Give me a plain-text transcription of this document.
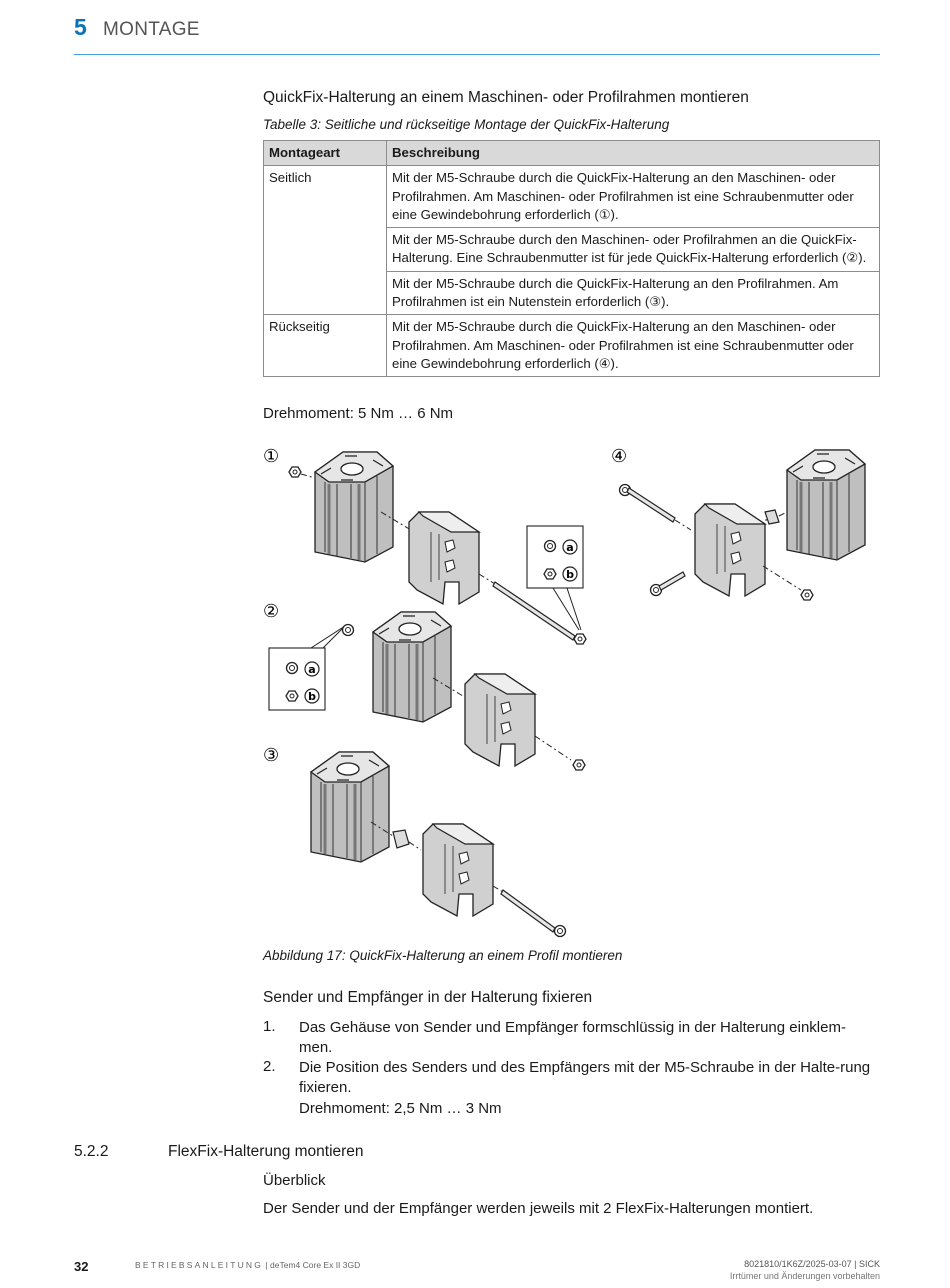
5 MONTAGE
QuickFix-Halterung an einem Maschinen- oder Profilrahmen montieren
Tabelle 3: Seitliche und rückseitige Montage der QuickFix-Halterung
Montageart	Beschreibung
Seitlich	Mit der M5-Schraube durch die QuickFix-Halterung an den Maschinen- oder Profilrahmen. Am Maschinen- oder Profilrahmen ist eine Schraubenmutter oder eine Gewindebohrung erforderlich (①).
	Mit der M5-Schraube durch den Maschinen- oder Profilrahmen an die QuickFix-Halterung. Eine Schraubenmutter ist für jede QuickFix-Halterung erforderlich (②).
	Mit der M5-Schraube durch die QuickFix-Halterung an den Profilrahmen. Am Profilrahmen ist ein Nutenstein erforderlich (③).
Rückseitig	Mit der M5-Schraube durch die QuickFix-Halterung an den Maschinen- oder Profilrahmen. Am Maschinen- oder Profilrahmen ist eine Schraubenmutter oder eine Gewindebohrung erforderlich (④).
Drehmoment: 5 Nm … 6 Nm
①
②
③
④
a
b
a
b
Abbildung 17: QuickFix-Halterung an einem Profil montieren
Sender und Empfänger in der Halterung fixieren
1. Das Gehäuse von Sender und Empfänger formschlüssig in der Halterung einklem-men.
2. Die Position des Senders und des Empfängers mit der M5-Schraube in der Halte-rung fixieren.
Drehmoment: 2,5 Nm … 3 Nm
5.2.2	FlexFix-Halterung montieren
Überblick
Der Sender und der Empfänger werden jeweils mit 2 FlexFix-Halterungen montiert.
32	BETRIEBSANLEITUNG | deTem4 Core Ex II 3GD	8021810/1K6Z/2025-03-07 | SICK
Irrtümer und Änderungen vorbehalten
